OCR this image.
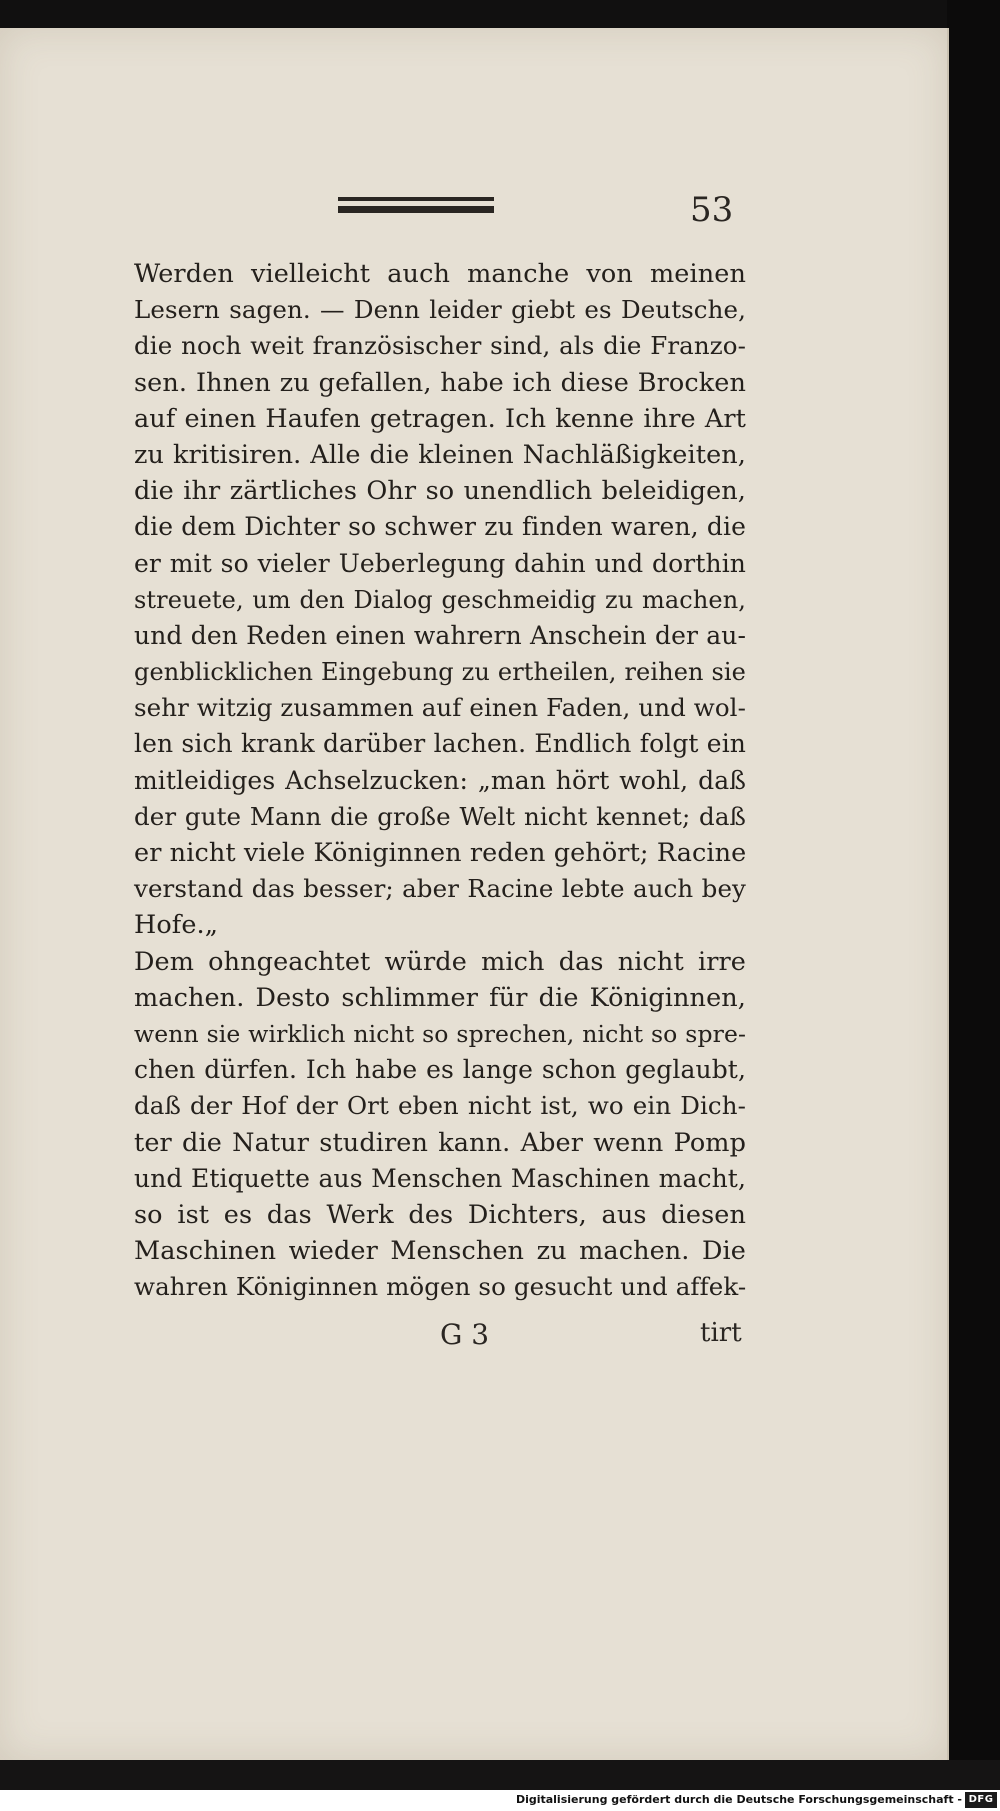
53
Werden vielleicht auch manche von meinen
Lesern sagen. — Denn leider giebt es Deutsche,
die noch weit französischer sind, als die Franzo-
sen. Ihnen zu gefallen, habe ich diese Brocken
auf einen Haufen getragen. Ich kenne ihre Art
zu kritisiren. Alle die kleinen Nachläßigkeiten,
die ihr zärtliches Ohr so unendlich beleidigen,
die dem Dichter so schwer zu finden waren, die
er mit so vieler Ueberlegung dahin und dorthin
streuete, um den Dialog geschmeidig zu machen,
und den Reden einen wahrern Anschein der au-
genblicklichen Eingebung zu ertheilen, reihen sie
sehr witzig zusammen auf einen Faden, und wol-
len sich krank darüber lachen. Endlich folgt ein
mitleidiges Achselzucken: „man hört wohl, daß
der gute Mann die große Welt nicht kennet; daß
er nicht viele Königinnen reden gehört; Racine
verstand das besser; aber Racine lebte auch bey
Hofe.„
Dem ohngeachtet würde mich das nicht irre
machen. Desto schlimmer für die Königinnen,
wenn sie wirklich nicht so sprechen, nicht so spre-
chen dürfen. Ich habe es lange schon geglaubt,
daß der Hof der Ort eben nicht ist, wo ein Dich-
ter die Natur studiren kann. Aber wenn Pomp
und Etiquette aus Menschen Maschinen macht,
so ist es das Werk des Dichters, aus diesen
Maschinen wieder Menschen zu machen. Die
wahren Königinnen mögen so gesucht und affek-
G 3	tirt
Digitalisierung gefördert durch die Deutsche Forschungsgemeinschaft - DFG
